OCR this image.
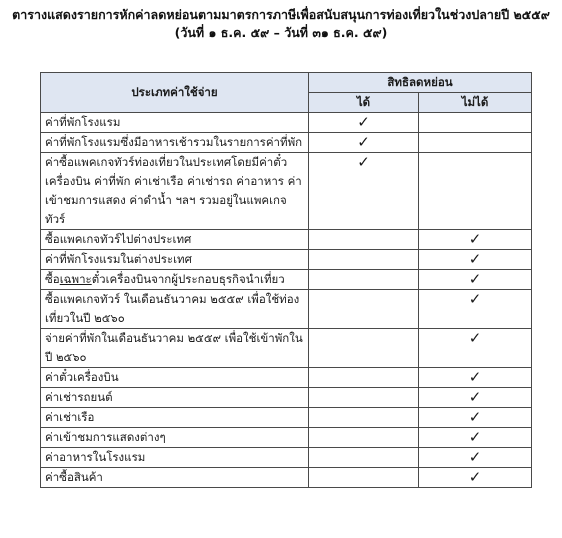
ตารางแสดงรายการหักค่าลดหย่อนตามมาตรการภาษีเพื่อสนับสนุนการท่องเที่ยวในช่วงปลายปี ๒๕๕๙
(วันที่ ๑ ธ.ค. ๕๙ – วันที่ ๓๑ ธ.ค. ๕๙)
ประเภทค่าใช้จ่าย	สิทธิลดหย่อน	
	ได้	ไม่ได้
ค่าที่พักโรงแรม	✓	
ค่าที่พักโรงแรมซึ่งมีอาหารเช้ารวมในรายการค่าที่พัก	✓	
ค่าซื้อแพคเกจทัวร์ท่องเที่ยวในประเทศโดยมีค่าตั๋วเครื่องบิน ค่าที่พัก ค่าเช่าเรือ ค่าเช่ารถ ค่าอาหาร ค่าเข้าชมการแสดง ค่าดำน้ำ ฯลฯ รวมอยู่ในแพคเกจทัวร์	✓	
ซื้อแพคเกจทัวร์ไปต่างประเทศ		✓
ค่าที่พักโรงแรมในต่างประเทศ		✓
ซื้อเฉพาะตั๋วเครื่องบินจากผู้ประกอบธุรกิจนำเที่ยว		✓
ซื้อแพคเกจทัวร์ ในเดือนธันวาคม ๒๕๕๙ เพื่อใช้ท่องเที่ยวในปี ๒๕๖๐		✓
จ่ายค่าที่พักในเดือนธันวาคม ๒๕๕๙ เพื่อใช้เข้าพักในปี ๒๕๖๐		✓
ค่าตั๋วเครื่องบิน		✓
ค่าเช่ารถยนต์		✓
ค่าเช่าเรือ		✓
ค่าเข้าชมการแสดงต่างๆ		✓
ค่าอาหารในโรงแรม		✓
ค่าซื้อสินค้า		✓
